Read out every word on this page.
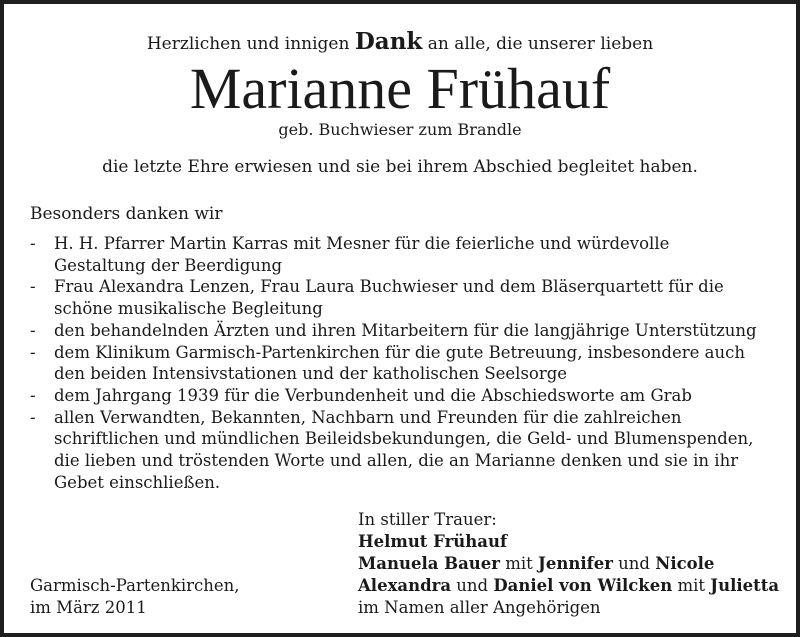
Herzlichen und innigen Dank an alle, die unserer lieben
Marianne Frühauf
geb. Buchwieser zum Brandle
die letzte Ehre erwiesen und sie bei ihrem Abschied begleitet haben.
Besonders danken wir
- H. H. Pfarrer Martin Karras mit Mesner für die feierliche und würdevolle
Gestaltung der Beerdigung
- Frau Alexandra Lenzen, Frau Laura Buchwieser und dem Bläserquartett für die
schöne musikalische Begleitung
- den behandelnden Ärzten und ihren Mitarbeitern für die langjährige Unterstützung
- dem Klinikum Garmisch-Partenkirchen für die gute Betreuung, insbesondere auch
den beiden Intensivstationen und der katholischen Seelsorge
- dem Jahrgang 1939 für die Verbundenheit und die Abschiedsworte am Grab
- allen Verwandten, Bekannten, Nachbarn und Freunden für die zahlreichen
schriftlichen und mündlichen Beileidsbekundungen, die Geld- und Blumenspenden,
die lieben und tröstenden Worte und allen, die an Marianne denken und sie in ihr
Gebet einschließen.
In stiller Trauer:
Helmut Frühauf
Manuela Bauer mit Jennifer und Nicole
Alexandra und Daniel von Wilcken mit Julietta
im Namen aller Angehörigen
Garmisch-Partenkirchen,
im März 2011
